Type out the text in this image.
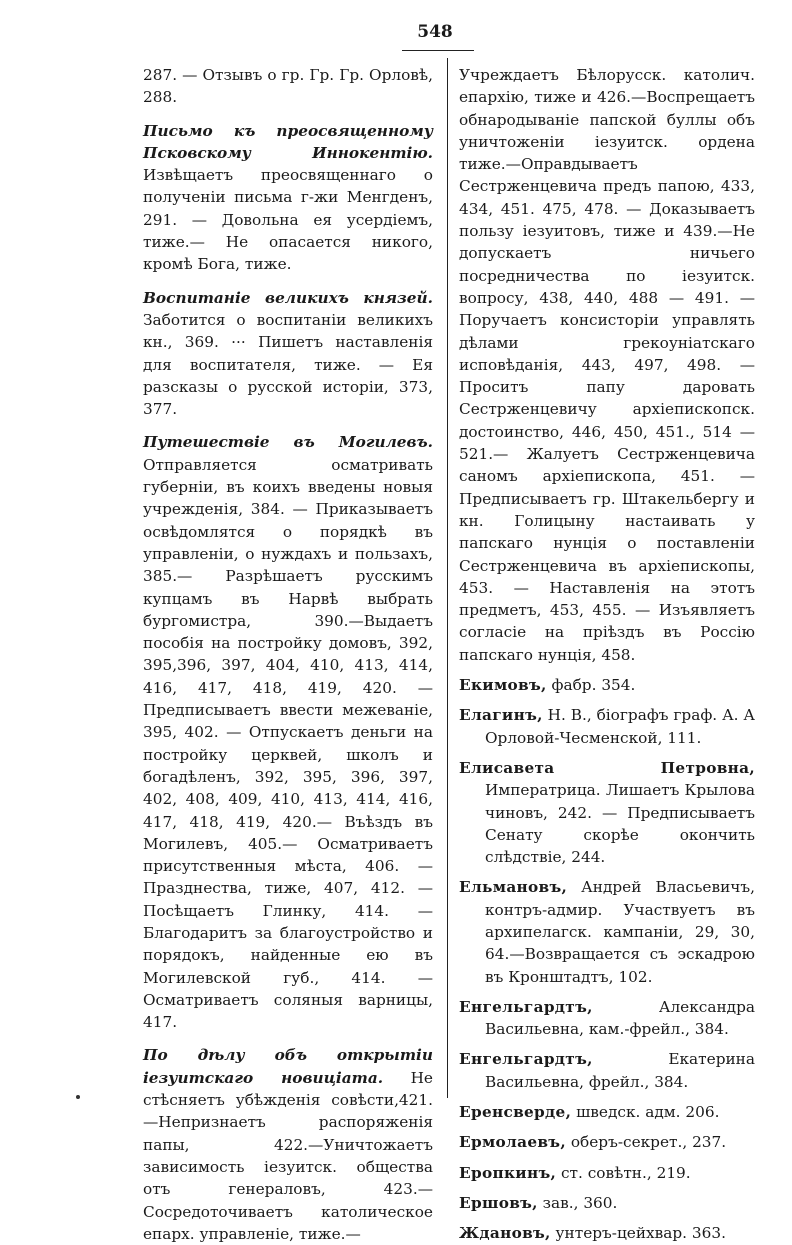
548

287. — Отзывъ о гр. Гр. Гр. Орловѣ, 288.

Письмо къ преосвященному Псковскому Иннокентію. Извѣщаетъ преосвященнаго о полученіи письма г-жи Менгденъ, 291. — Довольна ея усердіемъ, тиже.— Не опасается никого, кромѣ Бога, тиже.

Воспитаніе великихъ князей. Заботится о воспитаніи великихъ кн., 369. ··· Пишетъ наставленія для воспитателя, тиже. — Ея разсказы о русской исторіи, 373, 377.

Путешествіе въ Могилевъ. Отправляется осматривать губерніи, въ коихъ введены новыя учрежденія, 384. — Приказываетъ освѣдомлятся о порядкѣ въ управленіи, о нуждахъ и пользахъ, 385.— Разрѣшаетъ русскимъ купцамъ въ Нарвѣ выбрать бургомистра, 390.—Выдаетъ пособія на постройку домовъ, 392, 395,396, 397, 404, 410, 413, 414, 416, 417, 418, 419, 420. — Предписываетъ ввести межеваніе, 395, 402. — Отпускаетъ деньги на постройку церквей, школъ и богадѣленъ, 392, 395, 396, 397, 402, 408, 409, 410, 413, 414, 416, 417, 418, 419, 420.— Въѣздъ въ Могилевъ, 405.— Осматриваетъ присутственныя мѣста, 406. — Празднества, тиже, 407, 412. — Посѣщаетъ Глинку, 414. — Благодаритъ за благоустройство и порядокъ, найденные ею въ Могилевской губ., 414. — Осматриваетъ соляныя варницы, 417.

По дѣлу объ открытіи іезуитскаго новиціата. Не стѣсняетъ убѣжденія совѣсти,421.—Непризнаетъ распоряженія папы, 422.—Уничтожаетъ зависимость іезуитск. общества отъ генераловъ, 423.—Сосредоточиваетъ католическое епарх. управленіе, тиже.—

Учреждаетъ Бѣлорусск. католич. епархію, тиже и 426.—Воспрещаетъ обнародываніе папской буллы объ уничтоженіи іезуитск. ордена тиже.—Оправдываетъ Сестрженцевича предъ папою, 433, 434, 451. 475, 478. — Доказываетъ пользу іезуитовъ, тиже и 439.—Не допускаетъ ничьего посредничества по іезуитск. вопросу, 438, 440, 488 — 491. — Поручаетъ консисторіи управлять дѣлами грекоуніатскаго исповѣданія, 443, 497, 498. — Проситъ папу даровать Сестрженцевичу архіепископск. достоинство, 446, 450, 451., 514 — 521.— Жалуетъ Сестрженцевича саномъ архіепископа, 451. — Предписываетъ гр. Штакельбергу и кн. Голицыну настаивать у папскаго нунція о поставленіи Сестрженцевича въ архіепископы, 453. — Наставленія на этотъ предметъ, 453, 455. — Изъявляетъ согласіе на пріѣздъ въ Россію папскаго нунція, 458.

Екимовъ, фабр. 354.

Елагинъ, Н. В., біографъ граф. А. А Орловой-Чесменской, 111.

Елисавета Петровна, Императрица. Лишаетъ Крылова чиновъ, 242. — Предписываетъ Сенату скорѣе окончить слѣдствіе, 244.

Ельмановъ, Андрей Власьевичъ, контръ-адмир. Участвуетъ въ архипелагск. кампаніи, 29, 30, 64.—Возвращается съ эскадрою въ Кронштадтъ, 102.

Енгельгардтъ, Александра Васильевна, кам.-фрейл., 384.

Енгельгардтъ, Екатерина Васильевна, фрейл., 384.

Еренсверде, шведск. адм. 206.

Ермолаевъ, оберъ-секрет., 237.

Еропкинъ, ст. совѣтн., 219.

Ершовъ, зав., 360.

Ждановъ, унтеръ-цейхвар. 363.
